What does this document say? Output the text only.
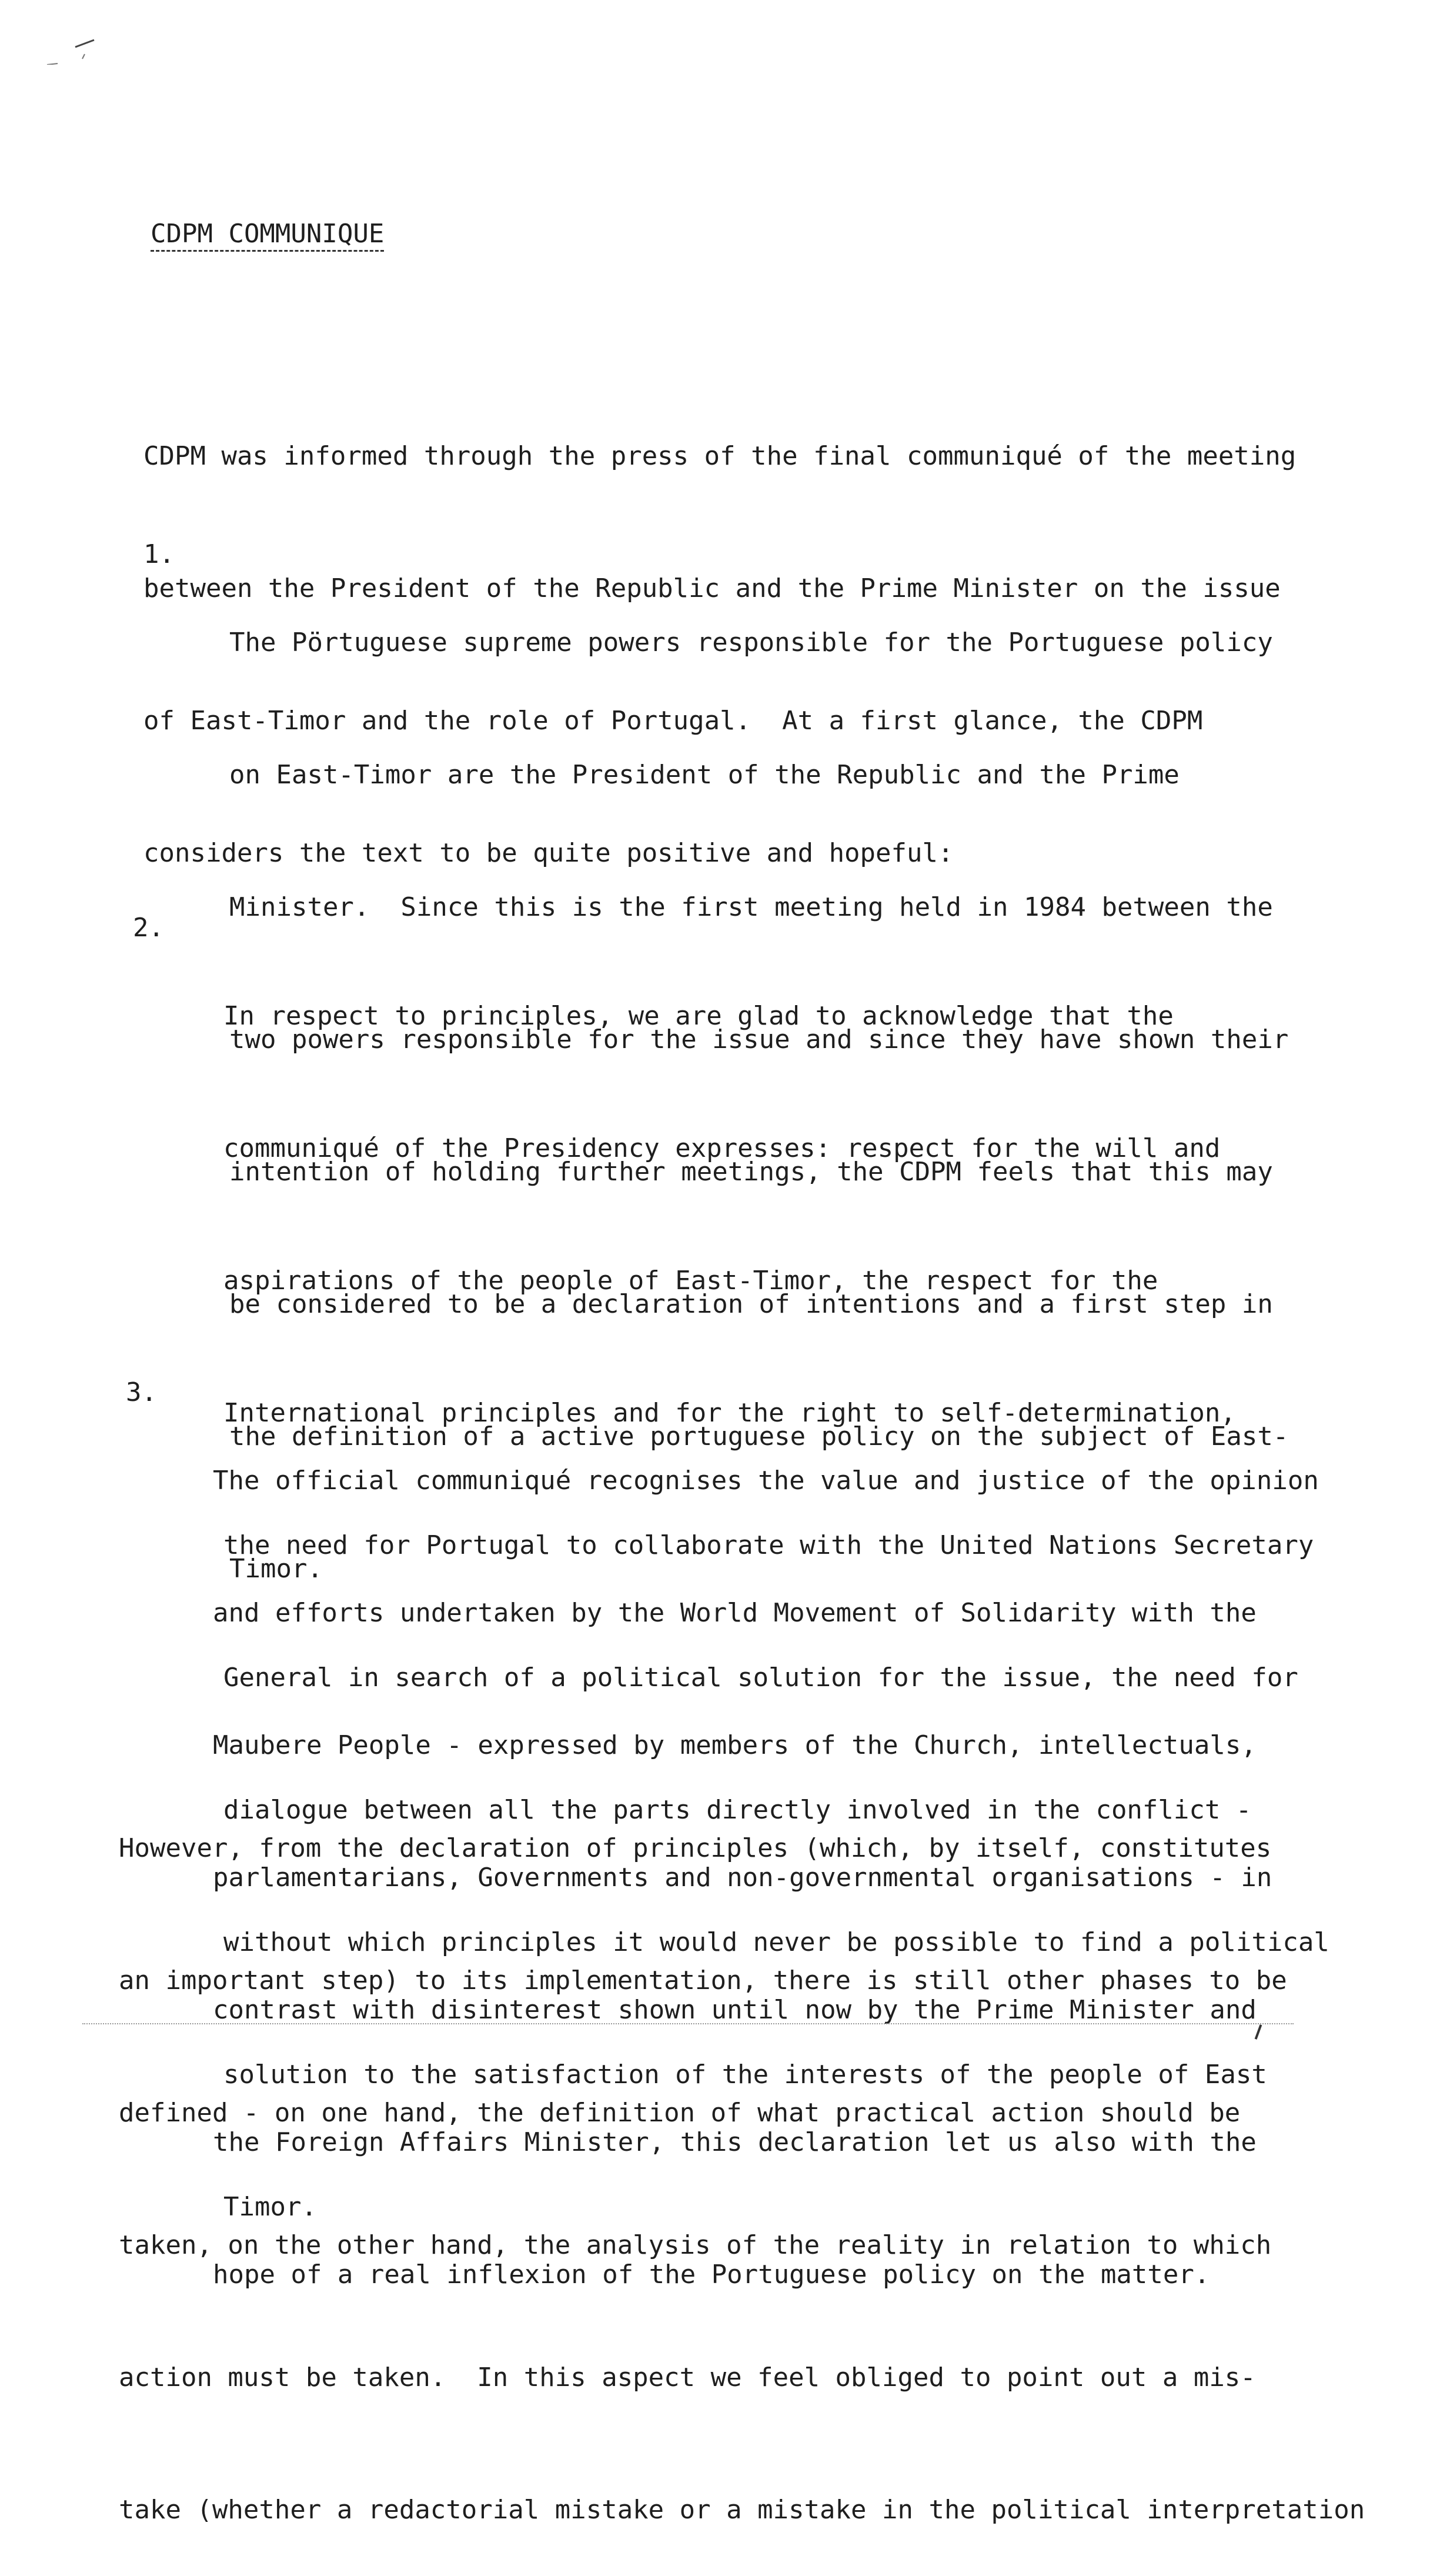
CDPM COMMUNIQUE

CDPM was informed through the press of the final communiqué of the meeting

between the President of the Republic and the Prime Minister on the issue

of East-Timor and the role of Portugal.  At a first glance, the CDPM

considers the text to be quite positive and hopeful:

1.

The Pörtuguese supreme powers responsible for the Portuguese policy

on East-Timor are the President of the Republic and the Prime

Minister.  Since this is the first meeting held in 1984 between the

two powers responsible for the issue and since they have shown their

intention of holding further meetings, the CDPM feels that this may

be considered to be a declaration of intentions and a first step in

the definition of a active portuguese policy on the subject of East-

Timor.

2.

In respect to principles, we are glad to acknowledge that the

communiqué of the Presidency expresses: respect for the will and

aspirations of the people of East-Timor, the respect for the

International principles and for the right to self-determination,

the need for Portugal to collaborate with the United Nations Secretary

General in search of a political solution for the issue, the need for

dialogue between all the parts directly involved in the conflict -

without which principles it would never be possible to find a political

solution to the satisfaction of the interests of the people of East

Timor.

3.

The official communiqué recognises the value and justice of the opinion

and efforts undertaken by the World Movement of Solidarity with the

Maubere People - expressed by members of the Church, intellectuals,

parlamentarians, Governments and non-governmental organisations - in

contrast with disinterest shown until now by the Prime Minister and

the Foreign Affairs Minister, this declaration let us also with the

hope of a real inflexion of the Portuguese policy on the matter.

However, from the declaration of principles (which, by itself, constitutes

an important step) to its implementation, there is still other phases to be

defined - on one hand, the definition of what practical action should be

taken, on the other hand, the analysis of the reality in relation to which

action must be taken.  In this aspect we feel obliged to point out a mis-

take (whether a redactorial mistake or a mistake in the political interpretation
